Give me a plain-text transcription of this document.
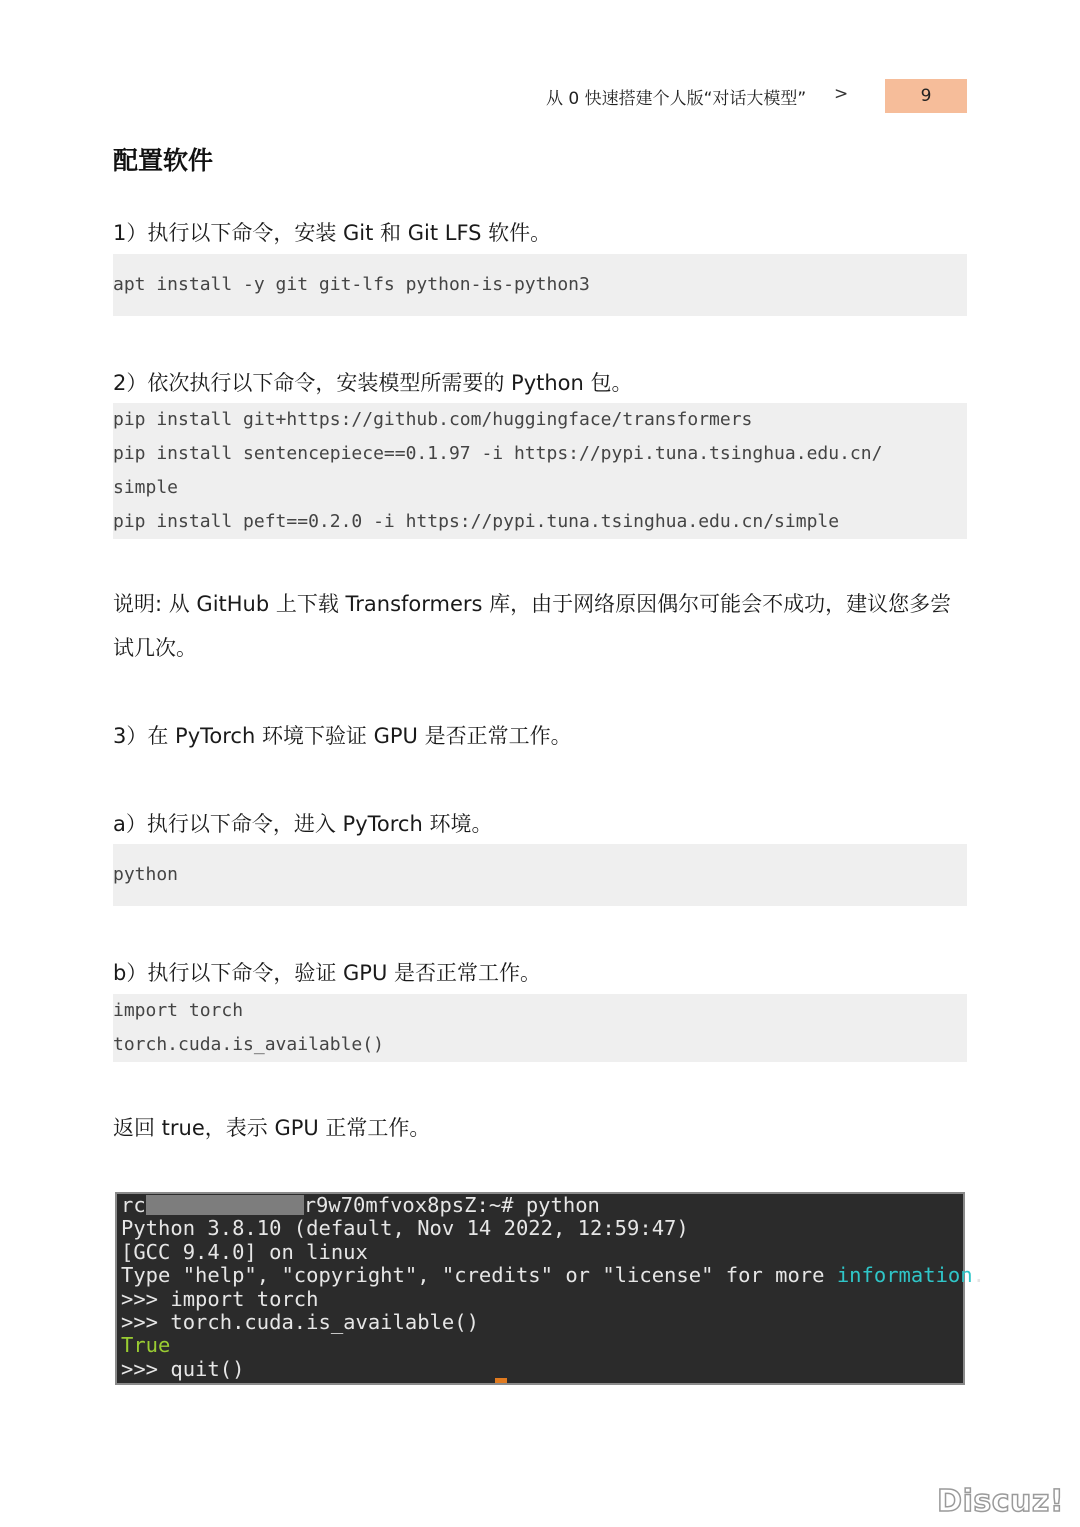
从 0 快速搭建个人版“对话大模型” >	9
配置软件
1）执行以下命令，安装 Git 和 Git LFS 软件。
apt install -y git git-lfs python-is-python3
2）依次执行以下命令，安装模型所需要的 Python 包。
pip install git+https://github.com/huggingface/transformers
pip install sentencepiece==0.1.97 -i https://pypi.tuna.tsinghua.edu.cn/
simple
pip install peft==0.2.0 -i https://pypi.tuna.tsinghua.edu.cn/simple
说明: 从 GitHub 上下载 Transformers 库，由于网络原因偶尔可能会不成功，建议您多尝
试几次。
3）在 PyTorch 环境下验证 GPU 是否正常工作。
a）执行以下命令，进入 PyTorch 环境。
python
b）执行以下命令，验证 GPU 是否正常工作。
import torch
torch.cuda.is_available()
返回 true，表示 GPU 正常工作。
rc	r9w70mfvox8psZ:~# python
Python 3.8.10 (default, Nov 14 2022, 12:59:47)
[GCC 9.4.0] on linux
Type "help", "copyright", "credits" or "license" for more information.
>>> import torch
>>> torch.cuda.is_available()
True
>>> quit()
Discuz!
